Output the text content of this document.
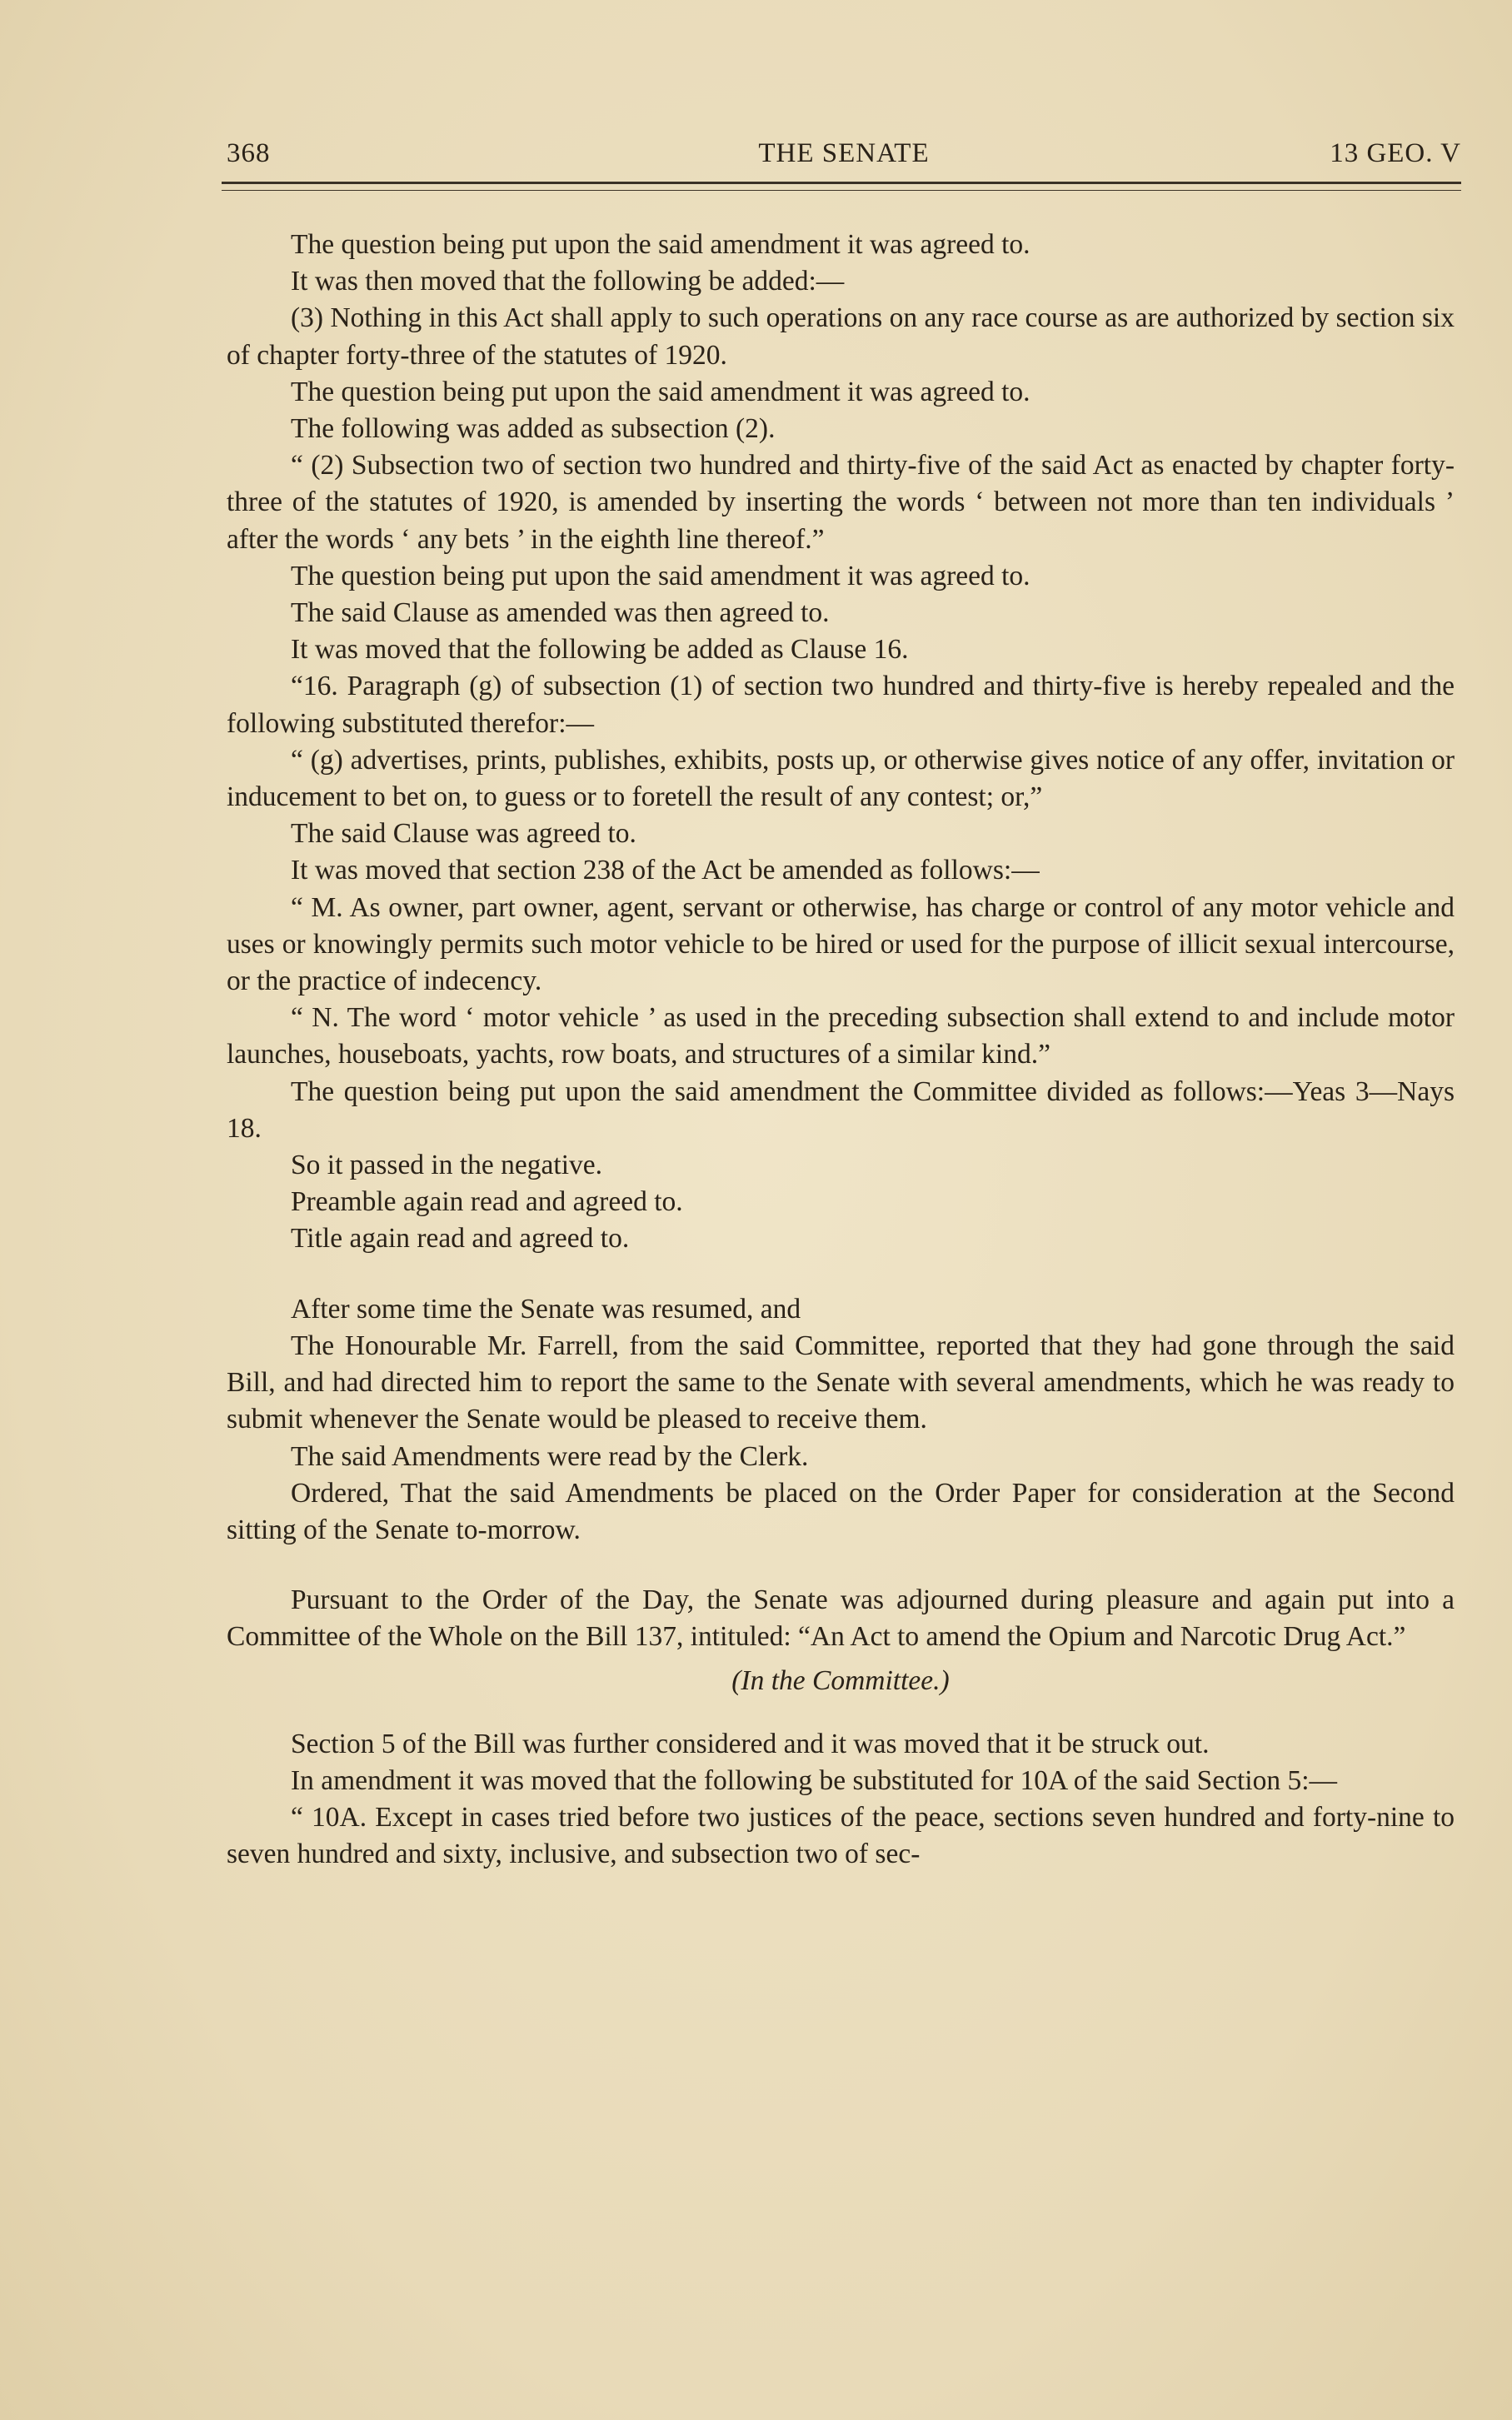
368	THE SENATE	13 GEO. V

The question being put upon the said amendment it was agreed to.

It was then moved that the following be added:—

(3) Nothing in this Act shall apply to such operations on any race course as are authorized by section six of chapter forty-three of the statutes of 1920.

The question being put upon the said amendment it was agreed to.

The following was added as subsection (2).

“ (2) Subsection two of section two hundred and thirty-five of the said Act as enacted by chapter forty-three of the statutes of 1920, is amended by inserting the words ‘ between not more than ten individuals ’ after the words ‘ any bets ’ in the eighth line thereof.”

The question being put upon the said amendment it was agreed to.

The said Clause as amended was then agreed to.

It was moved that the following be added as Clause 16.

“16. Paragraph (g) of subsection (1) of section two hundred and thirty-five is hereby repealed and the following substituted therefor:—

“ (g) advertises, prints, publishes, exhibits, posts up, or otherwise gives notice of any offer, invitation or inducement to bet on, to guess or to foretell the result of any contest; or,”

The said Clause was agreed to.

It was moved that section 238 of the Act be amended as follows:—

“ M. As owner, part owner, agent, servant or otherwise, has charge or control of any motor vehicle and uses or knowingly permits such motor vehicle to be hired or used for the purpose of illicit sexual intercourse, or the practice of indecency.

“ N. The word ‘ motor vehicle ’ as used in the preceding subsection shall extend to and include motor launches, houseboats, yachts, row boats, and structures of a similar kind.”

The question being put upon the said amendment the Committee divided as follows:—Yeas 3—Nays 18.

So it passed in the negative.

Preamble again read and agreed to.

Title again read and agreed to.

After some time the Senate was resumed, and

The Honourable Mr. Farrell, from the said Committee, reported that they had gone through the said Bill, and had directed him to report the same to the Senate with several amendments, which he was ready to submit whenever the Senate would be pleased to receive them.

The said Amendments were read by the Clerk.

Ordered, That the said Amendments be placed on the Order Paper for consideration at the Second sitting of the Senate to-morrow.

Pursuant to the Order of the Day, the Senate was adjourned during pleasure and again put into a Committee of the Whole on the Bill 137, intituled: “An Act to amend the Opium and Narcotic Drug Act.”

(In the Committee.)

Section 5 of the Bill was further considered and it was moved that it be struck out.

In amendment it was moved that the following be substituted for 10A of the said Section 5:—

“ 10A. Except in cases tried before two justices of the peace, sections seven hundred and forty-nine to seven hundred and sixty, inclusive, and subsection two of sec-
